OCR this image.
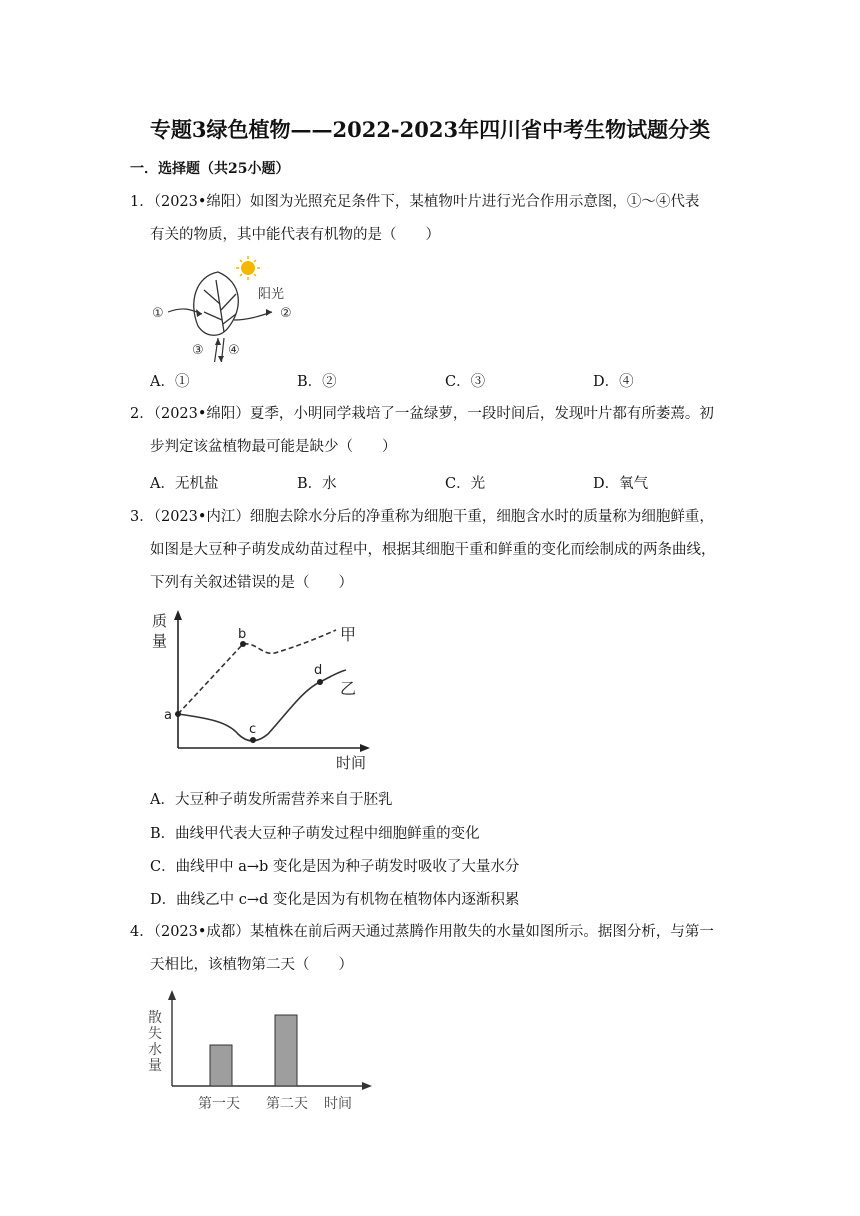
专题3绿色植物——2022-2023年四川省中考生物试题分类
一．选择题（共25小题）
1．（2023•绵阳）如图为光照充足条件下，某植物叶片进行光合作用示意图，①～④代表
有关的物质，其中能代表有机物的是（　　）
阳光
①	②
③ ④
A．①	B．②	C．③	D．④
2．（2023•绵阳）夏季，小明同学栽培了一盆绿萝，一段时间后，发现叶片都有所萎蔫。初
步判定该盆植物最可能是缺少（　　）
A．无机盐	B．水	C．光	D．氧气
3．（2023•内江）细胞去除水分后的净重称为细胞干重，细胞含水时的质量称为细胞鲜重，
如图是大豆种子萌发成幼苗过程中，根据其细胞干重和鲜重的变化而绘制成的两条曲线，
下列有关叙述错误的是（　　）
质
量
时间
a
b
c
d
甲
乙
A．大豆种子萌发所需营养来自于胚乳
B．曲线甲代表大豆种子萌发过程中细胞鲜重的变化
C．曲线甲中 a→b 变化是因为种子萌发时吸收了大量水分
D．曲线乙中 c→d 变化是因为有机物在植物体内逐渐积累
4．（2023•成都）某植株在前后两天通过蒸腾作用散失的水量如图所示。据图分析，与第一
天相比，该植物第二天（　　）
散
失
水
量
第一天 第二天 时间
